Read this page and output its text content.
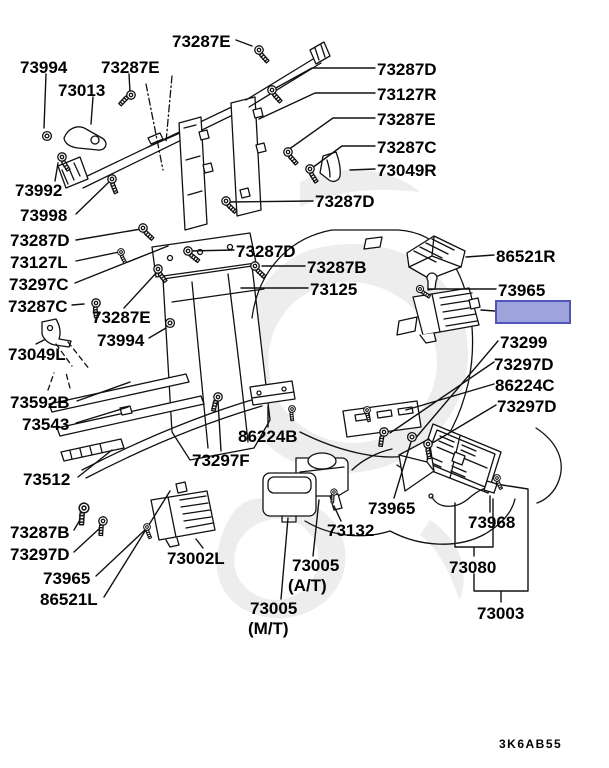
73287E
73994 73287E
73013
73287D
73127R
73287E
73287C
73049R
73287D
73992
73998
73287D
73127L
73297C
73287C
73287E
73994
73049L
73287D
73287B
73125
86521R
73965
73299
73297D
86224C
73297D
73592B
73543
73512
86224B
73297F
73287B
73297D
73965
86521L
73002L	73005
(A/T)
73005
(M/T)
73132
73965
73968
73080
73003
3K6AB55
